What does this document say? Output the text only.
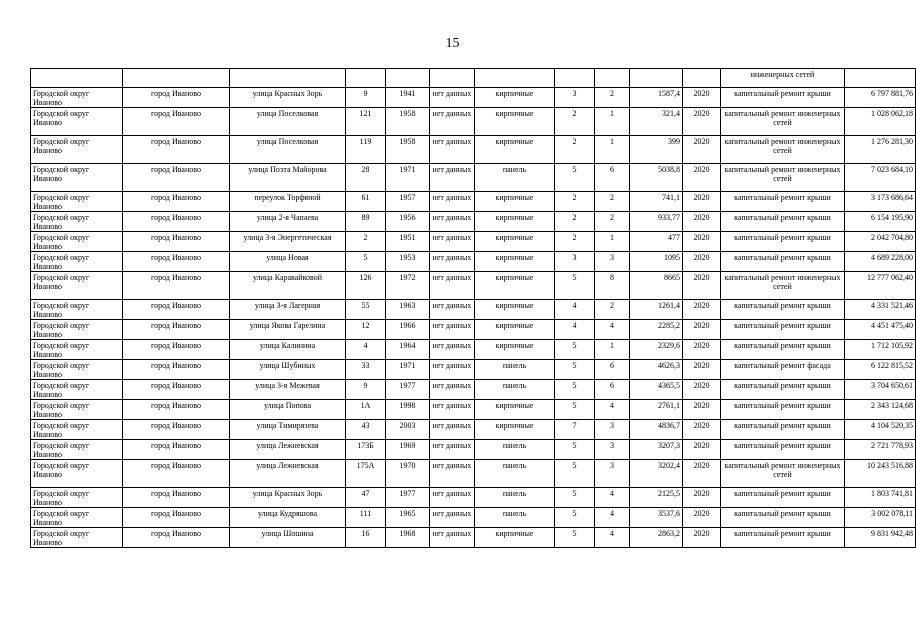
15
											инженерных сетей	
Городской округ Иваново	город Иваново	улица Красных Зорь	9	1941	нет данных	кирпичные	3	2	1587,4	2020	капитальный ремонт крыши	6 797 881,76
Городской округ Иваново	город Иваново	улица Поселковая	121	1958	нет данных	кирпичные	2	1	321,4	2020	капитальный ремонт инженерных сетей	1 028 062,18
Городской округ Иваново	город Иваново	улица Поселковая	119	1958	нет данных	кирпичные	2	1	399	2020	капитальный ремонт инженерных сетей	1 276 281,30
Городской округ Иваново	город Иваново	улица Поэта Майорова	28	1971	нет данных	панель	5	6	5038,8	2020	капитальный ремонт инженерных сетей	7 023 684,10
Городской округ Иваново	город Иваново	переулок Торфяной	61	1957	нет данных	кирпичные	2	2	741,1	2020	капитальный ремонт крыши	3 173 686,64
Городской округ Иваново	город Иваново	улица 2-я Чапаева	89	1956	нет данных	кирпичные	2	2	933,77	2020	капитальный ремонт крыши	6 154 195,90
Городской округ Иваново	город Иваново	улица 3-я Энергетическая	2	1951	нет данных	кирпичные	2	1	477	2020	капитальный ремонт крыши	2 042 704,80
Городской округ Иваново	город Иваново	улица Новая	5	1953	нет данных	кирпичные	3	3	1095	2020	капитальный ремонт крыши	4 689 228,00
Городской округ Иваново	город Иваново	улица Каравайковой	126	1972	нет данных	кирпичные	5	8	8665	2020	капитальный ремонт инженерных сетей	12 777 062,40
Городской округ Иваново	город Иваново	улица 3-я Лагерная	55	1963	нет данных	кирпичные	4	2	1261,4	2020	капитальный ремонт крыши	4 331 521,46
Городской округ Иваново	город Иваново	улица Якова Гарелина	12	1966	нет данных	кирпичные	4	4	2285,2	2020	капитальный ремонт крыши	4 451 475,40
Городской округ Иваново	город Иваново	улица Калинина	4	1964	нет данных	кирпичные	5	1	2329,6	2020	капитальный ремонт крыши	1 712 105,92
Городской округ Иваново	город Иваново	улица Шубиных	33	1971	нет данных	панель	5	6	4626,3	2020	капитальный ремонт фасада	6 122 815,52
Городской округ Иваново	город Иваново	улица 3-я Межевая	9	1977	нет данных	панель	5	6	4365,5	2020	капитальный ремонт крыши	3 704 650,61
Городской округ Иваново	город Иваново	улица Попова	1А	1998	нет данных	кирпичные	5	4	2761,1	2020	капитальный ремонт крыши	2 343 124,68
Городской округ Иваново	город Иваново	улица Тимирязева	43	2003	нет данных	кирпичные	7	3	4836,7	2020	капитальный ремонт крыши	4 104 520,35
Городской округ Иваново	город Иваново	улица Лежневская	173Б	1969	нет данных	панель	5	3	3207,3	2020	капитальный ремонт крыши	2 721 778,93
Городской округ Иваново	город Иваново	улица Лежневская	175А	1970	нет данных	панель	5	3	3202,4	2020	капитальный ремонт инженерных сетей	10 243 516,88
Городской округ Иваново	город Иваново	улица Красных Зорь	47	1977	нет данных	панель	5	4	2125,5	2020	капитальный ремонт крыши	1 803 741,81
Городской округ Иваново	город Иваново	улица Кудряшова	111	1965	нет данных	панель	5	4	3537,6	2020	капитальный ремонт крыши	3 002 078,11
Городской округ Иваново	город Иваново	улица Шошина	16	1968	нет данных	кирпичные	5	4	2863,2	2020	капитальный ремонт крыши	9 831 942,48
